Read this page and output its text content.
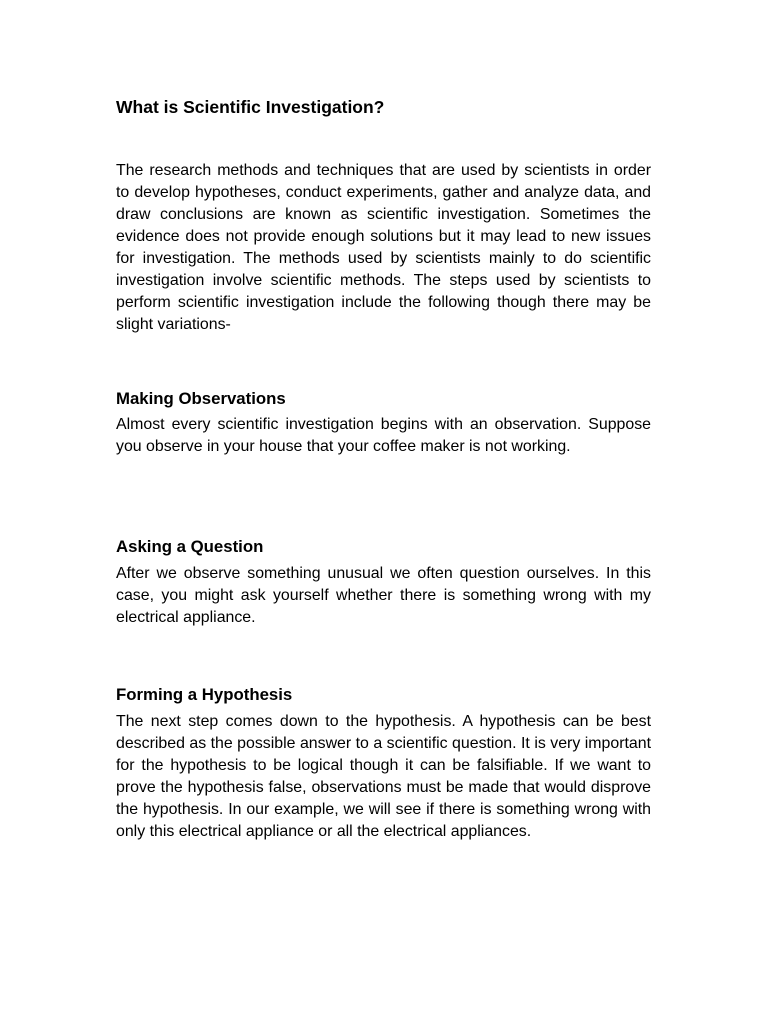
What is Scientific Investigation?

The research methods and techniques that are used by scientists in order to develop hypotheses, conduct experiments, gather and analyze data, and draw conclusions are known as scientific investigation. Sometimes the evidence does not provide enough solutions but it may lead to new issues for investigation. The methods used by scientists mainly to do scientific investigation involve scientific methods. The steps used by scientists to perform scientific investigation include the following though there may be slight variations-

Making Observations

Almost every scientific investigation begins with an observation. Suppose you observe in your house that your coffee maker is not working.

Asking a Question

After we observe something unusual we often question ourselves. In this case, you might ask yourself whether there is something wrong with my electrical appliance.

Forming a Hypothesis

The next step comes down to the hypothesis. A hypothesis can be best described as the possible answer to a scientific question. It is very important for the hypothesis to be logical though it can be falsifiable. If we want to prove the hypothesis false, observations must be made that would disprove the hypothesis. In our example, we will see if there is something wrong with only this electrical appliance or all the electrical appliances.
